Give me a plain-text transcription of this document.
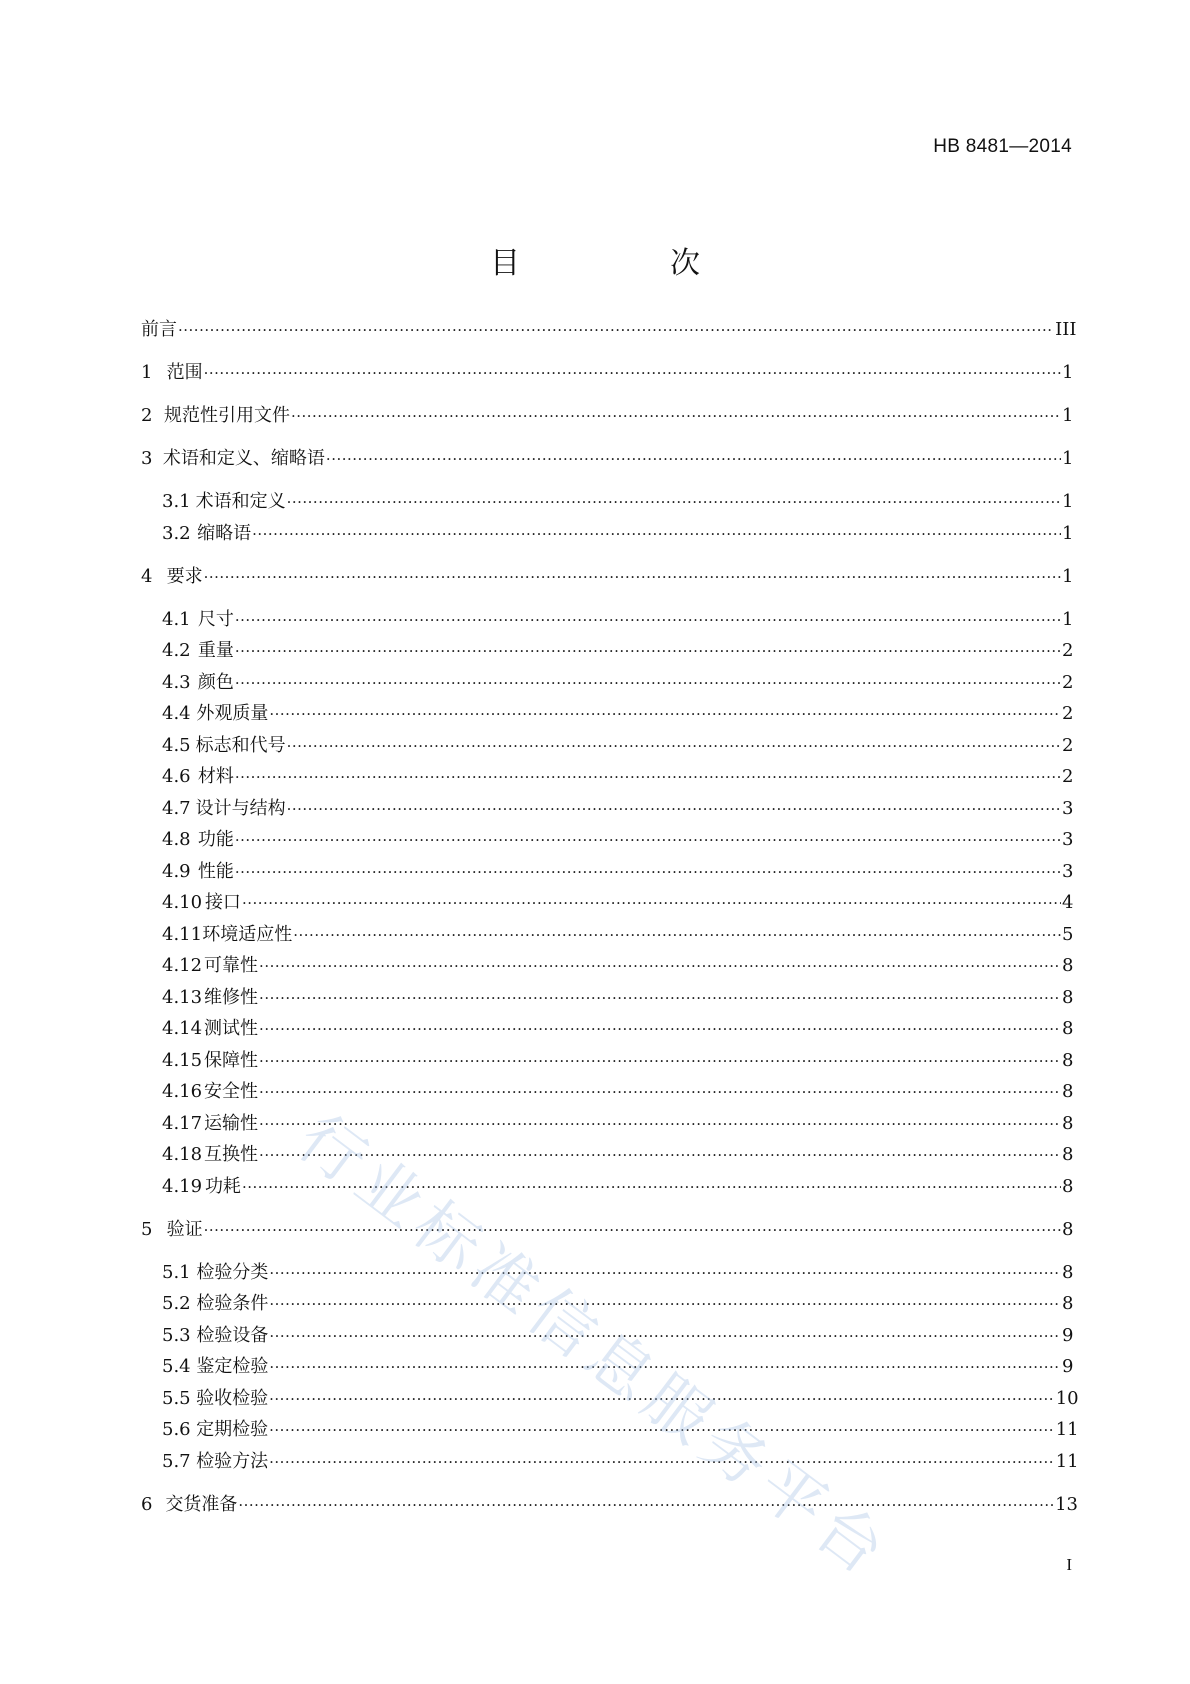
HB 8481—2014
目　次
前言 ·····	III
1 范围 ·····	1
2 规范性引用文件 ·····	1
3 术语和定义、缩略语 ·····	1
3.1 术语和定义 ·····	1
3.2 缩略语 ·····	1
4 要求 ·····	1
4.1 尺寸 ·····	1
4.2 重量 ·····	2
4.3 颜色 ·····	2
4.4 外观质量 ·····	2
4.5 标志和代号 ·····	2
4.6 材料 ·····	2
4.7 设计与结构 ·····	3
4.8 功能 ·····	3
4.9 性能 ·····	3
4.10 接口 ·····	4
4.11 环境适应性 ·····	5
4.12 可靠性 ·····	8
4.13 维修性 ·····	8
4.14 测试性 ·····	8
4.15 保障性 ·····	8
4.16 安全性 ·····	8
4.17 运输性 ·····	8
4.18 互换性 ·····	8
4.19 功耗 ·····	8
5 验证 ·····	8
5.1 检验分类 ·····	8
5.2 检验条件 ·····	8
5.3 检验设备 ·····	9
5.4 鉴定检验 ·····	9
5.5 验收检验 ·····	10
5.6 定期检验 ·····	11
5.7 检验方法 ·····	11
6 交货准备 ·····	13
行业标准信息服务平台	I
